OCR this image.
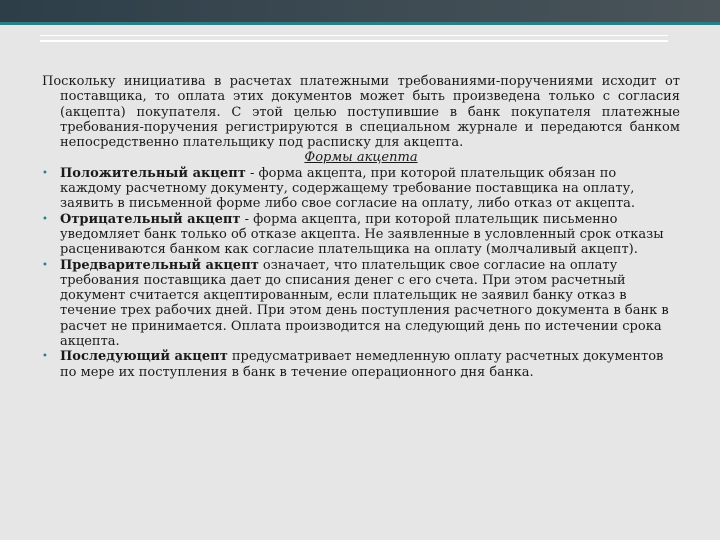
Поскольку инициатива в расчетах платежными требованиями-поручениями исходит от поставщика, то оплата этих документов может быть произведена только с согласия (акцепта) покупателя. С этой целью поступившие в банк покупателя платежные требования-поручения регистрируются в специальном журнале и передаются банком непосредственно плательщику под расписку для акцепта.

Формы акцепта

• Положительный акцепт - форма акцепта, при которой плательщик обязан по каждому расчетному документу, содержащему требование поставщика на оплату, заявить в письменной форме либо свое согласие на оплату, либо отказ от акцепта.
• Отрицательный акцепт - форма акцепта, при которой плательщик письменно уведомляет банк только об отказе акцепта. Не заявленные в условленный срок отказы расцениваются банком как согласие плательщика на оплату (молчаливый акцепт).
• Предварительный акцепт означает, что плательщик свое согласие на оплату требования поставщика дает до списания денег с его счета. При этом расчетный документ считается акцептированным, если плательщик не заявил банку отказ в течение трех рабочих дней. При этом день поступления расчетного документа в банк в расчет не принимается. Оплата производится на следующий день по истечении срока акцепта.
• Последующий акцепт предусматривает немедленную оплату расчетных документов по мере их поступления в банк в течение операционного дня банка.
